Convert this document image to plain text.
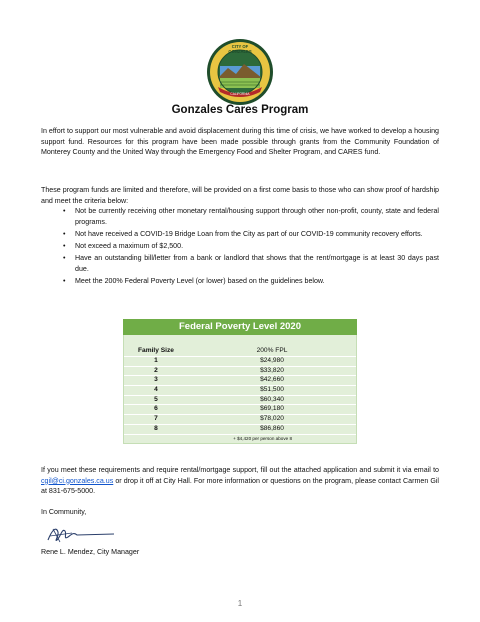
CALIFORNIA
CITY OF
GONZALES
Gonzales Cares Program
In effort to support our most vulnerable and avoid displacement during this time of crisis, we have worked to develop a housing support fund. Resources for this program have been made possible through grants from the Community Foundation of Monterey County and the United Way through the Emergency Food and Shelter Program, and CARES fund.
These program funds are limited and therefore, will be provided on a first come basis to those who can show proof of hardship and meet the criteria below:
• Not be currently receiving other monetary rental/housing support through other non-profit, county, state and federal programs.
• Not have received a COVID-19 Bridge Loan from the City as part of our COVID-19 community recovery efforts.
• Not exceed a maximum of $2,500.
• Have an outstanding bill/letter from a bank or landlord that shows that the rent/mortgage is at least 30 days past due.
• Meet the 200% Federal Poverty Level (or lower) based on the guidelines below.
Federal Poverty Level 2020
Family Size	200% FPL
1	$24,980
2	$33,820
3	$42,660
4	$51,500
5	$60,340
6	$69,180
7	$78,020
8	$86,860
+ $4,420 per person above 8
If you meet these requirements and require rental/mortgage support, fill out the attached application and submit it via email to cgil@ci.gonzales.ca.us or drop it off at City Hall. For more information or questions on the program, please contact Carmen Gil at 831-675-5000.
In Community,
Rene L. Mendez, City Manager
1
